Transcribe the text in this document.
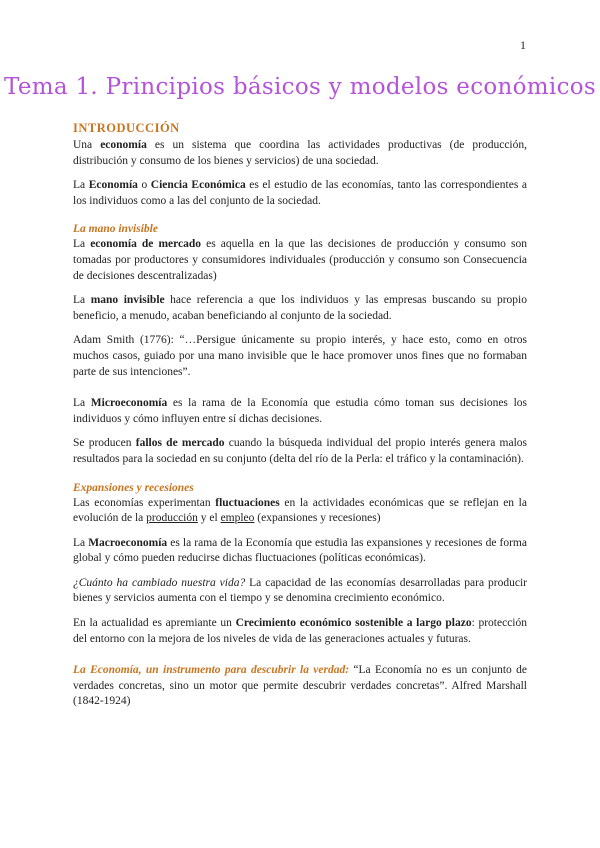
1
Tema 1. Principios básicos y modelos económicos
INTRODUCCIÓN

Una economía es un sistema que coordina las actividades productivas (de producción, distribución y consumo de los bienes y servicios) de una sociedad.

La Economía o Ciencia Económica es el estudio de las economías, tanto las correspondientes a los individuos como a las del conjunto de la sociedad.

La mano invisible

La economía de mercado es aquella en la que las decisiones de producción y consumo son tomadas por productores y consumidores individuales (producción y consumo son Consecuencia de decisiones descentralizadas)

La mano invisible hace referencia a que los individuos y las empresas buscando su propio beneficio, a menudo, acaban beneficiando al conjunto de la sociedad.

Adam Smith (1776): “…Persigue únicamente su propio interés, y hace esto, como en otros muchos casos, guiado por una mano invisible que le hace promover unos fines que no formaban parte de sus intenciones”.

La Microeconomía es la rama de la Economía que estudia cómo toman sus decisiones los individuos y cómo influyen entre sí dichas decisiones.

Se producen fallos de mercado cuando la búsqueda individual del propio interés genera malos resultados para la sociedad en su conjunto (delta del río de la Perla: el tráfico y la contaminación).

Expansiones y recesiones

Las economías experimentan fluctuaciones en la actividades económicas que se reflejan en la evolución de la producción y el empleo (expansiones y recesiones)

La Macroeconomía es la rama de la Economía que estudia las expansiones y recesiones de forma global y cómo pueden reducirse dichas fluctuaciones (políticas económicas).

¿Cuánto ha cambiado nuestra vida? La capacidad de las economías desarrolladas para producir bienes y servicios aumenta con el tiempo y se denomina crecimiento económico.

En la actualidad es apremiante un Crecimiento económico sostenible a largo plazo: protección del entorno con la mejora de los niveles de vida de las generaciones actuales y futuras.

La Economía, un instrumento para descubrir la verdad: “La Economía no es un conjunto de verdades concretas, sino un motor que permite descubrir verdades concretas”. Alfred Marshall (1842-1924)
